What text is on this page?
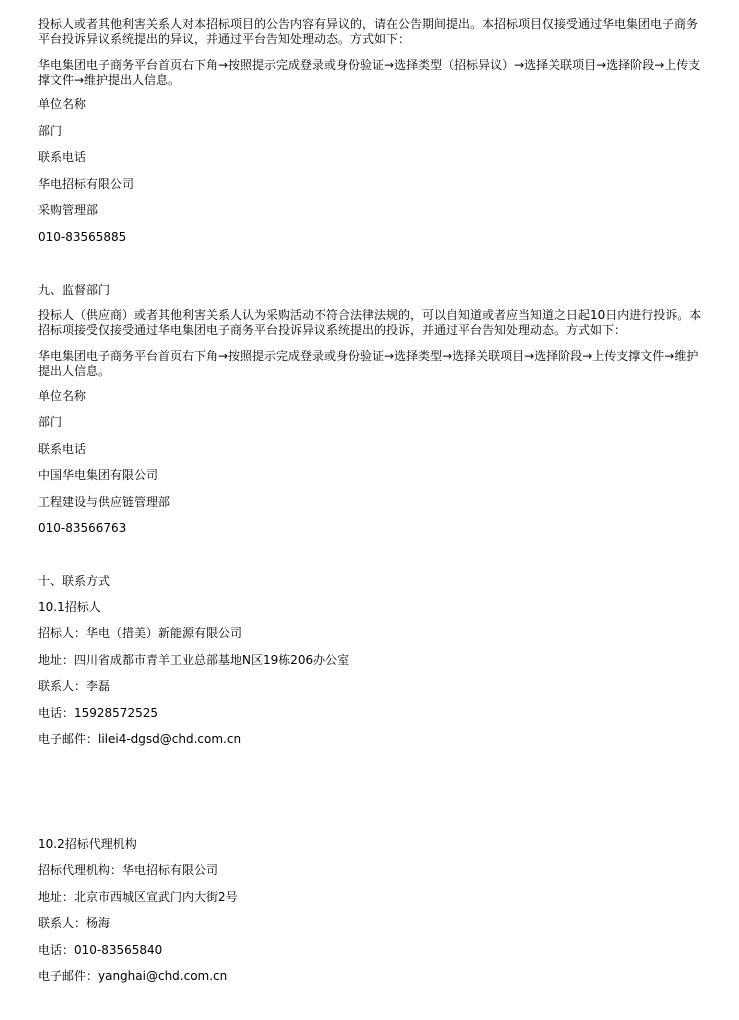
投标人或者其他利害关系人对本招标项目的公告内容有异议的，请在公告期间提出。本招标项目仅接受通过华电集团电子商务平台投诉异议系统提出的异议，并通过平台告知处理动态。方式如下：
华电集团电子商务平台首页右下角→按照提示完成登录或身份验证→选择类型（招标异议）→选择关联项目→选择阶段→上传支撑文件→维护提出人信息。
单位名称
部门
联系电话
华电招标有限公司
采购管理部
010-83565885
九、监督部门
投标人（供应商）或者其他利害关系人认为采购活动不符合法律法规的，可以自知道或者应当知道之日起10日内进行投诉。本招标项接受仅接受通过华电集团电子商务平台投诉异议系统提出的投诉，并通过平台告知处理动态。方式如下：
华电集团电子商务平台首页右下角→按照提示完成登录或身份验证→选择类型→选择关联项目→选择阶段→上传支撑文件→维护提出人信息。
单位名称
部门
联系电话
中国华电集团有限公司
工程建设与供应链管理部
010-83566763
十、联系方式
10.1招标人
招标人：华电（措美）新能源有限公司
地址：四川省成都市青羊工业总部基地N区19栋206办公室
联系人：李磊
电话：15928572525
电子邮件：lilei4-dgsd@chd.com.cn
10.2招标代理机构
招标代理机构：华电招标有限公司
地址：北京市西城区宣武门内大街2号
联系人：杨海
电话：010-83565840
电子邮件：yanghai@chd.com.cn
